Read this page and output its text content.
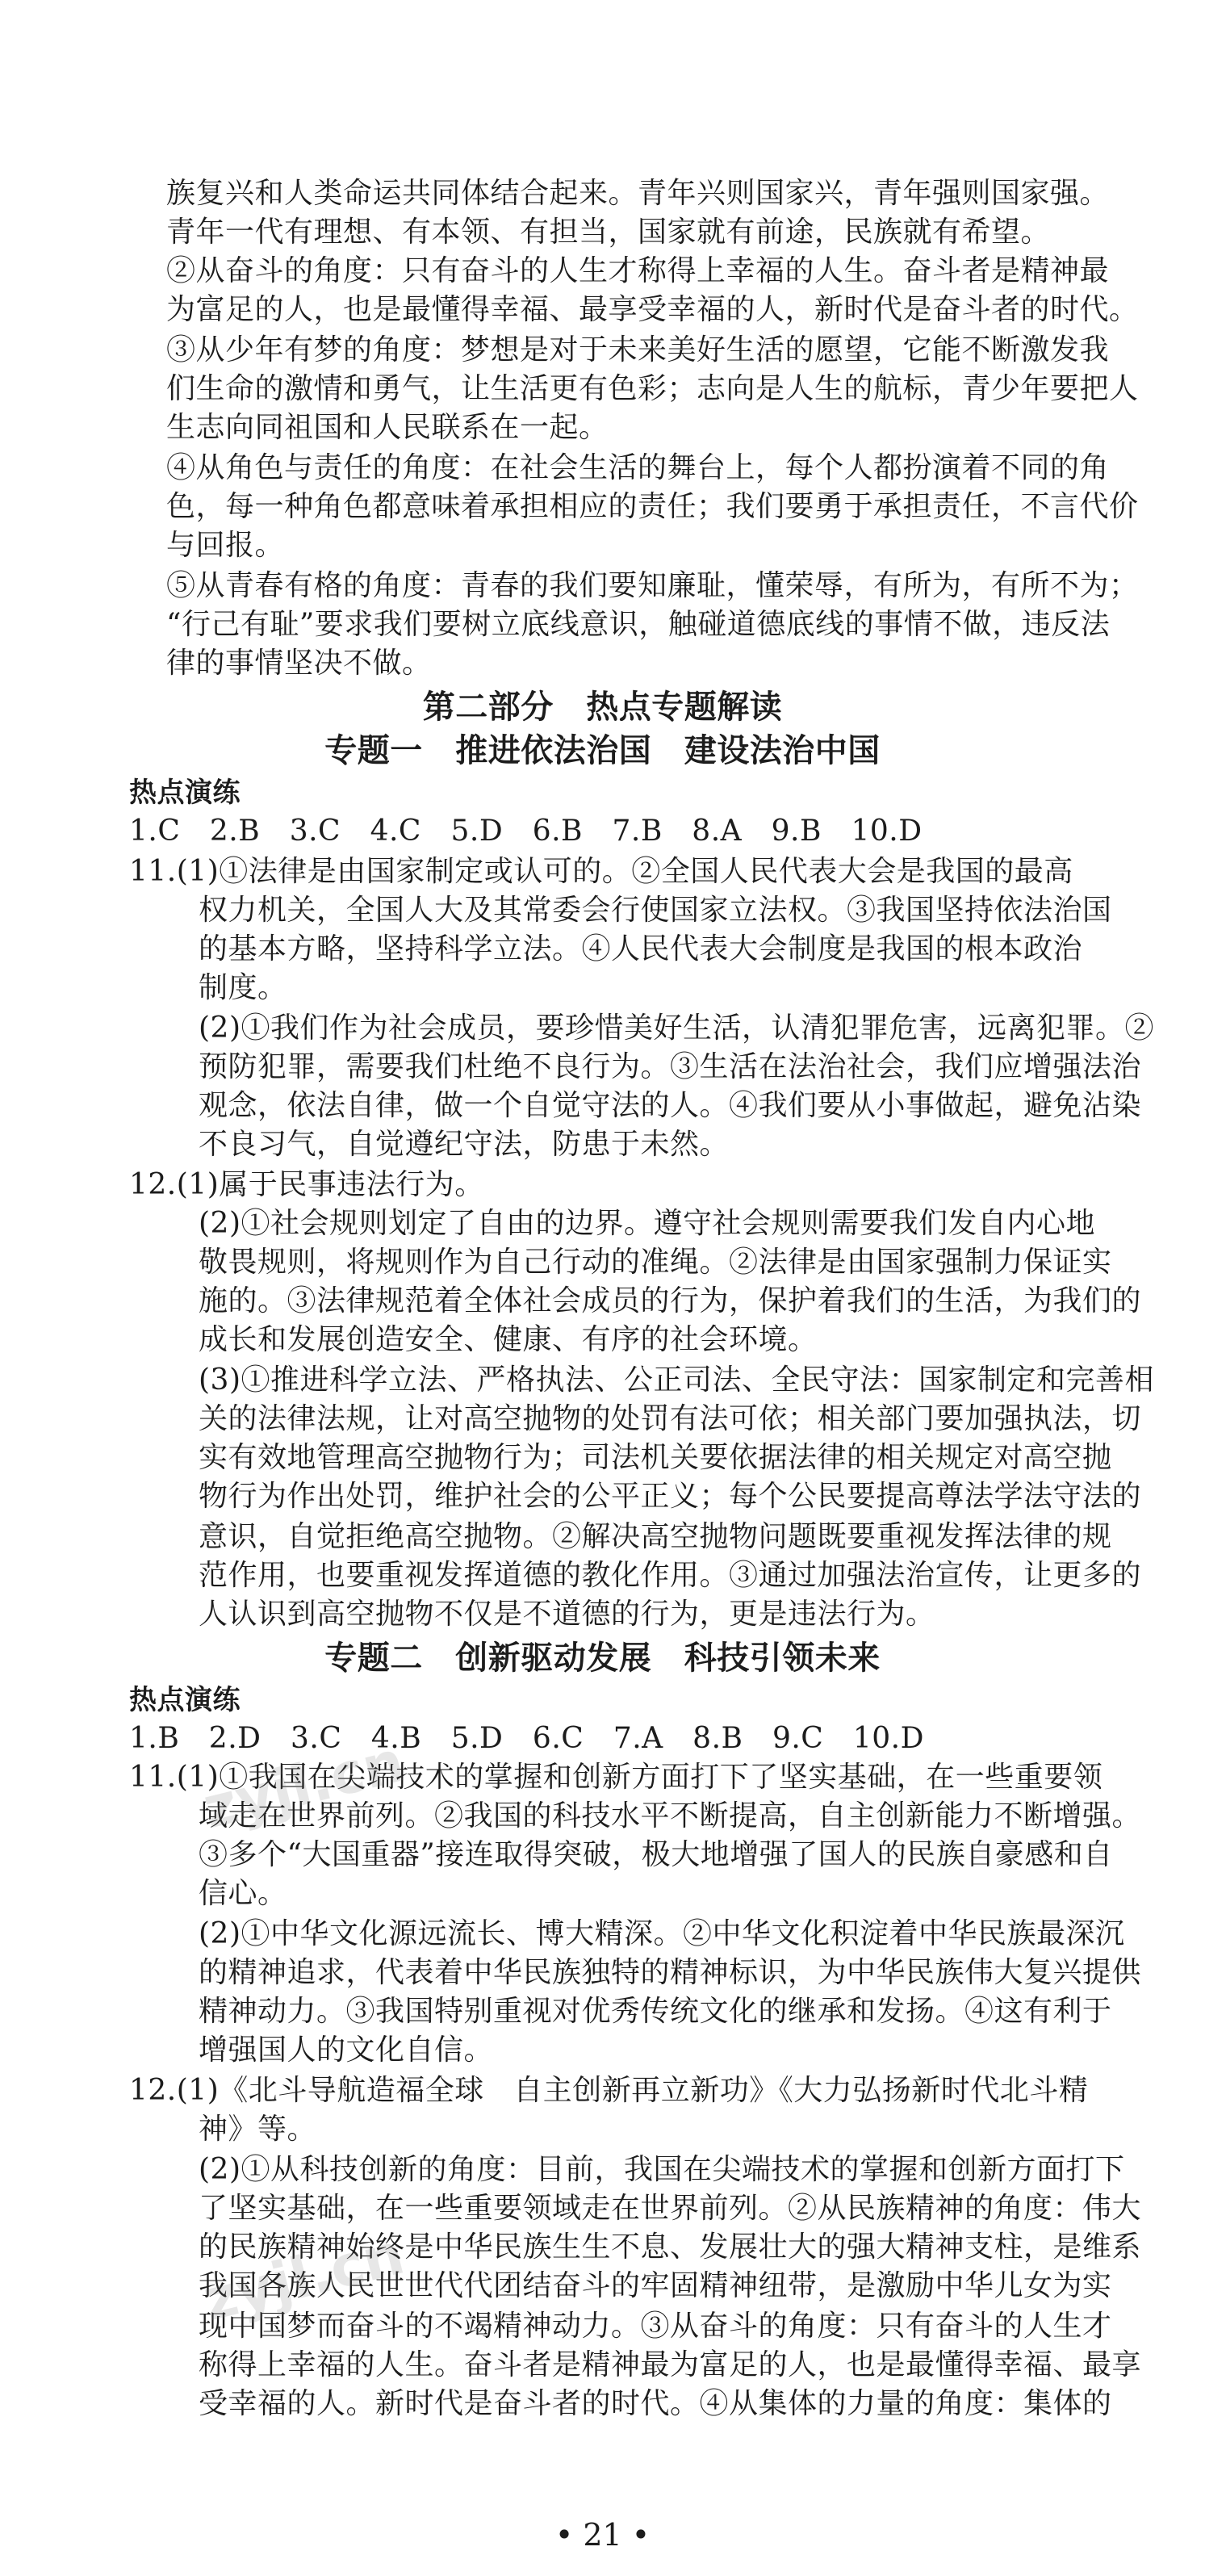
族复兴和人类命运共同体结合起来。青年兴则国家兴，青年强则国家强。
青年一代有理想、有本领、有担当，国家就有前途，民族就有希望。
②从奋斗的角度：只有奋斗的人生才称得上幸福的人生。奋斗者是精神最
为富足的人，也是最懂得幸福、最享受幸福的人，新时代是奋斗者的时代。
③从少年有梦的角度：梦想是对于未来美好生活的愿望，它能不断激发我
们生命的激情和勇气，让生活更有色彩；志向是人生的航标，青少年要把人
生志向同祖国和人民联系在一起。
④从角色与责任的角度：在社会生活的舞台上，每个人都扮演着不同的角
色，每一种角色都意味着承担相应的责任；我们要勇于承担责任，不言代价
与回报。
⑤从青春有格的角度：青春的我们要知廉耻，懂荣辱，有所为，有所不为；
“行己有耻”要求我们要树立底线意识，触碰道德底线的事情不做，违反法
律的事情坚决不做。
第二部分　热点专题解读
专题一　推进依法治国　建设法治中国
热点演练
1.C　2.B　3.C　4.C　5.D　6.B　7.B　8.A　9.B　10.D
11.(1)①法律是由国家制定或认可的。②全国人民代表大会是我国的最高
权力机关，全国人大及其常委会行使国家立法权。③我国坚持依法治国
的基本方略，坚持科学立法。④人民代表大会制度是我国的根本政治
制度。
(2)①我们作为社会成员，要珍惜美好生活，认清犯罪危害，远离犯罪。②
预防犯罪，需要我们杜绝不良行为。③生活在法治社会，我们应增强法治
观念，依法自律，做一个自觉守法的人。④我们要从小事做起，避免沾染
不良习气，自觉遵纪守法，防患于未然。
12.(1)属于民事违法行为。
(2)①社会规则划定了自由的边界。遵守社会规则需要我们发自内心地
敬畏规则，将规则作为自己行动的准绳。②法律是由国家强制力保证实
施的。③法律规范着全体社会成员的行为，保护着我们的生活，为我们的
成长和发展创造安全、健康、有序的社会环境。
(3)①推进科学立法、严格执法、公正司法、全民守法：国家制定和完善相
关的法律法规，让对高空抛物的处罚有法可依；相关部门要加强执法，切
实有效地管理高空抛物行为；司法机关要依据法律的相关规定对高空抛
物行为作出处罚，维护社会的公平正义；每个公民要提高尊法学法守法的
意识，自觉拒绝高空抛物。②解决高空抛物问题既要重视发挥法律的规
范作用，也要重视发挥道德的教化作用。③通过加强法治宣传，让更多的
人认识到高空抛物不仅是不道德的行为，更是违法行为。
专题二　创新驱动发展　科技引领未来
热点演练
1.B　2.D　3.C　4.B　5.D　6.C　7.A　8.B　9.C　10.D
11.(1)①我国在尖端技术的掌握和创新方面打下了坚实基础，在一些重要领
域走在世界前列。②我国的科技水平不断提高，自主创新能力不断增强。
③多个“大国重器”接连取得突破，极大地增强了国人的民族自豪感和自
信心。
(2)①中华文化源远流长、博大精深。②中华文化积淀着中华民族最深沉
的精神追求，代表着中华民族独特的精神标识，为中华民族伟大复兴提供
精神动力。③我国特别重视对优秀传统文化的继承和发扬。④这有利于
增强国人的文化自信。
12.(1)《北斗导航造福全球　自主创新再立新功》《大力弘扬新时代北斗精
神》等。
(2)①从科技创新的角度：目前，我国在尖端技术的掌握和创新方面打下
了坚实基础，在一些重要领域走在世界前列。②从民族精神的角度：伟大
的民族精神始终是中华民族生生不息、发展壮大的强大精神支柱，是维系
我国各族人民世世代代团结奋斗的牢固精神纽带，是激励中华儿女为实
现中国梦而奋斗的不竭精神动力。③从奋斗的角度：只有奋斗的人生才
称得上幸福的人生。奋斗者是精神最为富足的人，也是最懂得幸福、最享
受幸福的人。新时代是奋斗者的时代。④从集体的力量的角度：集体的
zyjl.cn
zyjl.cn
• 21 •
